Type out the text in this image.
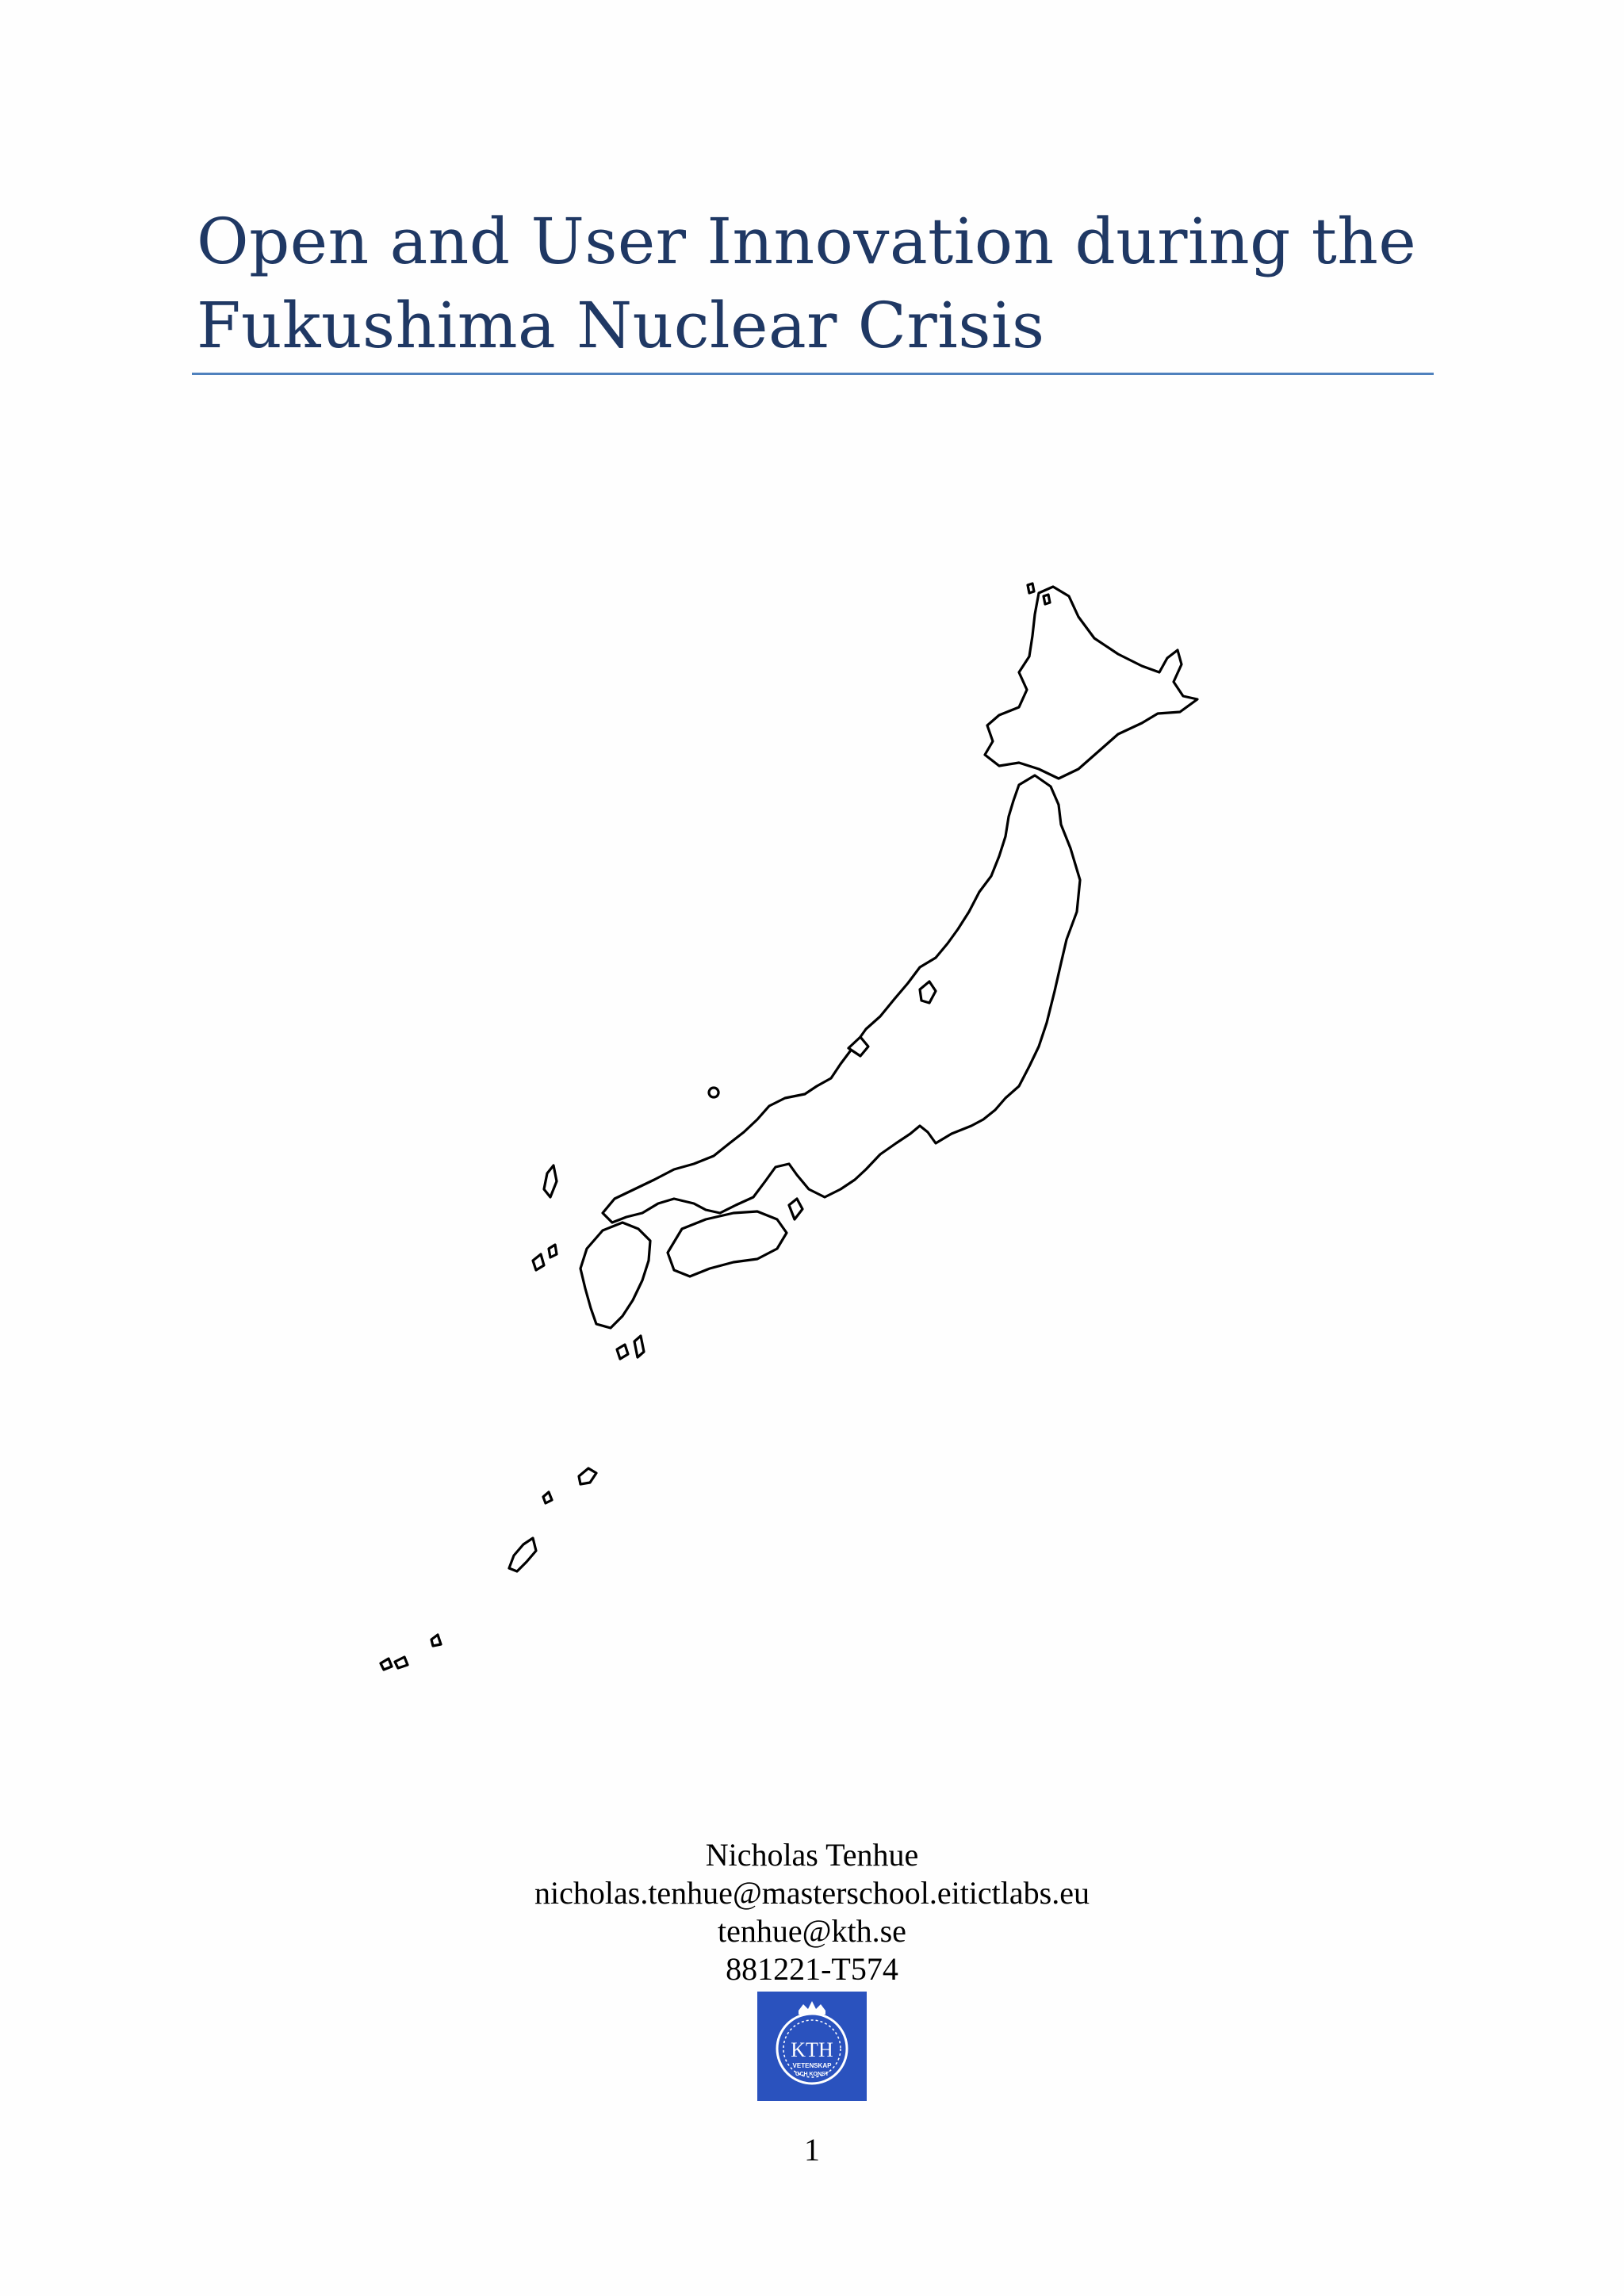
Open and User Innovation during the
Fukushima Nuclear Crisis
Nicholas Tenhue
nicholas.tenhue@masterschool.eitictlabs.eu
tenhue@kth.se
881221-T574
KTH
VETENSKAP
OCH KONST
1
